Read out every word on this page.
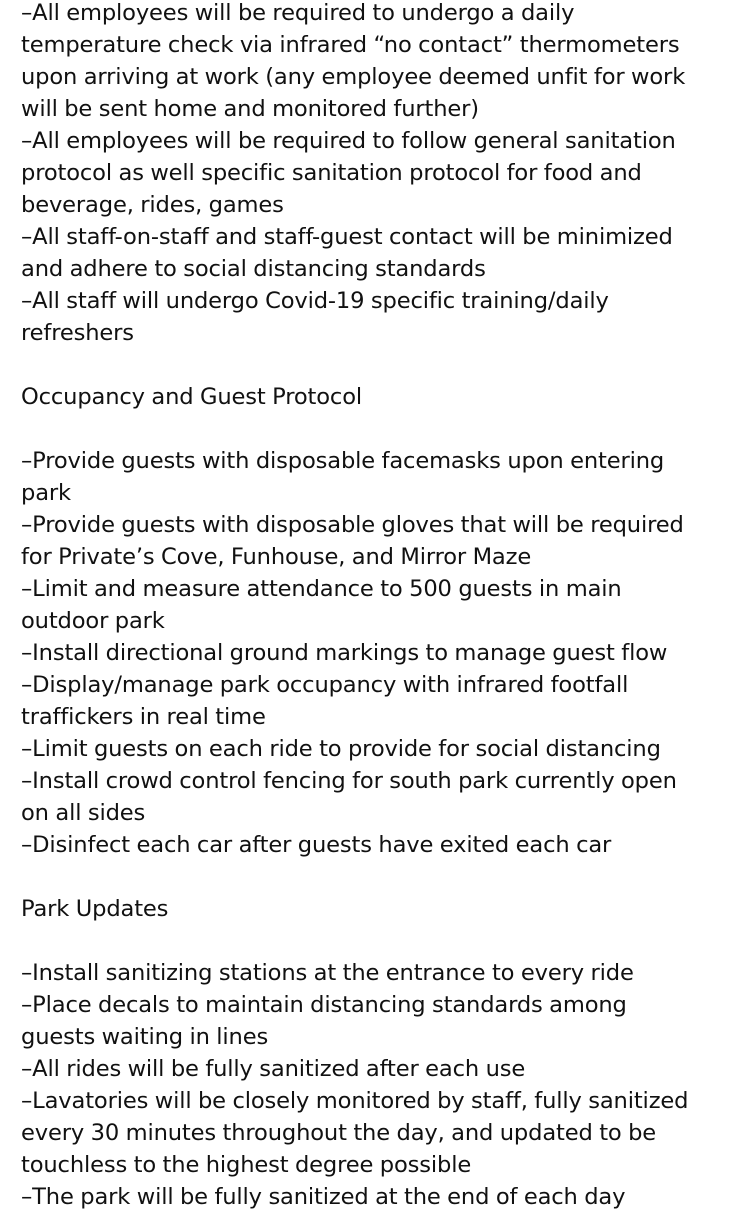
–All employees will be required to undergo a daily
temperature check via infrared “no contact” thermometers
upon arriving at work (any employee deemed unfit for work
will be sent home and monitored further)
–All employees will be required to follow general sanitation
protocol as well specific sanitation protocol for food and
beverage, rides, games
–All staff-on-staff and staff-guest contact will be minimized
and adhere to social distancing standards
–All staff will undergo Covid-19 specific training/daily
refreshers
Occupancy and Guest Protocol
–Provide guests with disposable facemasks upon entering
park
–Provide guests with disposable gloves that will be required
for Private’s Cove, Funhouse, and Mirror Maze
–Limit and measure attendance to 500 guests in main
outdoor park
–Install directional ground markings to manage guest flow
–Display/manage park occupancy with infrared footfall
traffickers in real time
–Limit guests on each ride to provide for social distancing
–Install crowd control fencing for south park currently open
on all sides
–Disinfect each car after guests have exited each car
Park Updates
–Install sanitizing stations at the entrance to every ride
–Place decals to maintain distancing standards among
guests waiting in lines
–All rides will be fully sanitized after each use
–Lavatories will be closely monitored by staff, fully sanitized
every 30 minutes throughout the day, and updated to be
touchless to the highest degree possible
–The park will be fully sanitized at the end of each day
